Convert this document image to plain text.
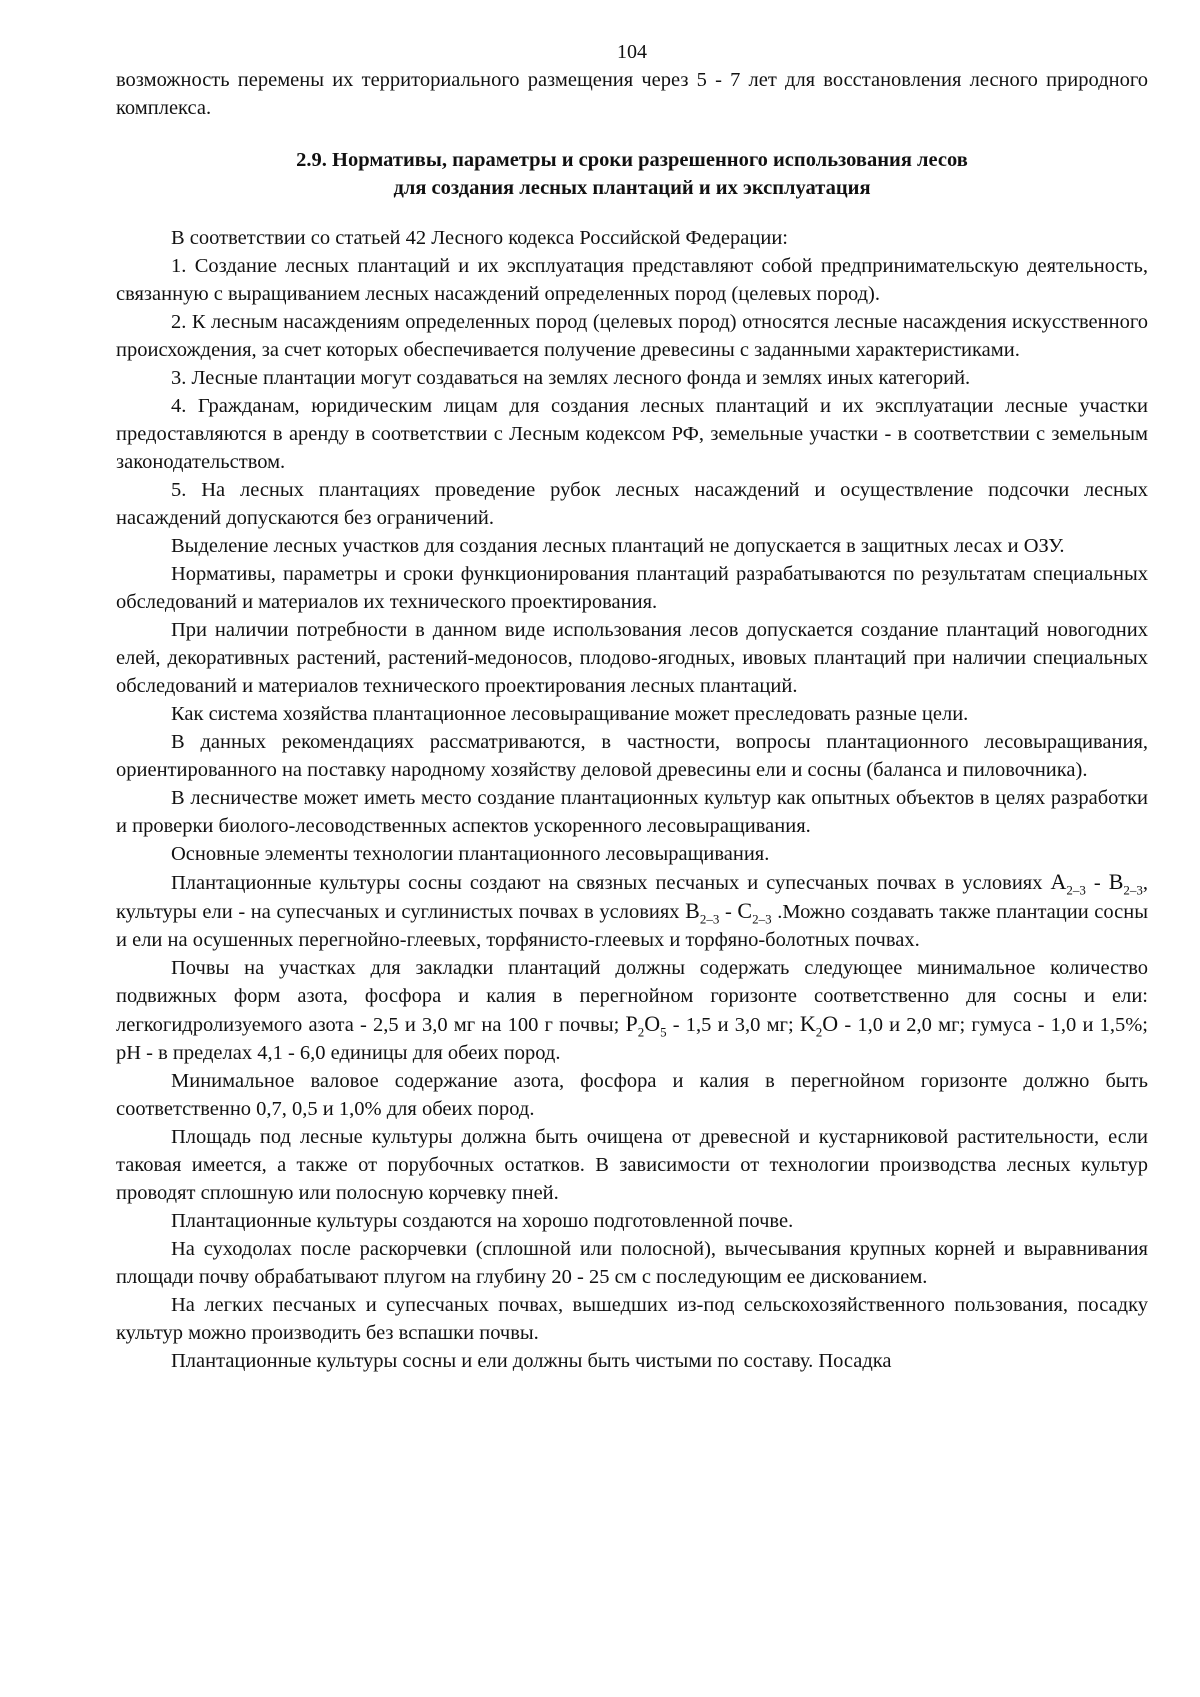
104

возможность перемены их территориального размещения через 5 - 7 лет для восстановления лесного природного комплекса.

2.9. Нормативы, параметры и сроки разрешенного использования лесов
для создания лесных плантаций и их эксплуатация

В соответствии со статьей 42 Лесного кодекса Российской Федерации:

1. Создание лесных плантаций и их эксплуатация представляют собой предпринимательскую деятельность, связанную с выращиванием лесных насаждений определенных пород (целевых пород).

2. К лесным насаждениям определенных пород (целевых пород) относятся лесные насаждения искусственного происхождения, за счет которых обеспечивается получение древесины с заданными характеристиками.

3. Лесные плантации могут создаваться на землях лесного фонда и землях иных категорий.

4. Гражданам, юридическим лицам для создания лесных плантаций и их эксплуатации лесные участки предоставляются в аренду в соответствии с Лесным кодексом РФ, земельные участки - в соответствии с земельным законодательством.

5. На лесных плантациях проведение рубок лесных насаждений и осуществление подсочки лесных насаждений допускаются без ограничений.

Выделение лесных участков для создания лесных плантаций не допускается в защитных лесах и ОЗУ.

Нормативы, параметры и сроки функционирования плантаций разрабатываются по результатам специальных обследований и материалов их технического проектирования.

При наличии потребности в данном виде использования лесов допускается создание плантаций новогодних елей, декоративных растений, растений-медоносов, плодово-ягодных, ивовых плантаций при наличии специальных обследований и материалов технического проектирования лесных плантаций.

Как система хозяйства плантационное лесовыращивание может преследовать разные цели.

В данных рекомендациях рассматриваются, в частности, вопросы плантационного лесовыращивания, ориентированного на поставку народному хозяйству деловой древесины ели и сосны (баланса и пиловочника).

В лесничестве может иметь место создание плантационных культур как опытных объектов в целях разработки и проверки биолого-лесоводственных аспектов ускоренного лесовыращивания.

Основные элементы технологии плантационного лесовыращивания.

Плантационные культуры сосны создают на связных песчаных и супесчаных почвах в условиях $A_{2-3} - B_{2-3}$, культуры ели - на супесчаных и суглинистых почвах в условиях $B_{2-3} - C_{2-3}$ .Можно создавать также плантации сосны и ели на осушенных перегнойно-глеевых, торфянисто-глеевых и торфяно-болотных почвах.

Почвы на участках для закладки плантаций должны содержать следующее минимальное количество подвижных форм азота, фосфора и калия в перегнойном горизонте соответственно для сосны и ели: легкогидролизуемого азота - 2,5 и 3,0 мг на 100 г почвы; $P_2O_5 - 1,5$ и 3,0 мг; $K_2O - 1,0$ и 2,0 мг; гумуса - 1,0 и 1,5%; рН - в пределах 4,1 - 6,0 единицы для обеих пород.

Минимальное валовое содержание азота, фосфора и калия в перегнойном горизонте должно быть соответственно 0,7, 0,5 и 1,0% для обеих пород.

Площадь под лесные культуры должна быть очищена от древесной и кустарниковой растительности, если таковая имеется, а также от порубочных остатков. В зависимости от технологии производства лесных культур проводят сплошную или полосную корчевку пней.

Плантационные культуры создаются на хорошо подготовленной почве.

На суходолах после раскорчевки (сплошной или полосной), вычесывания крупных корней и выравнивания площади почву обрабатывают плугом на глубину 20 - 25 см с последующим ее дискованием.

На легких песчаных и супесчаных почвах, вышедших из-под сельскохозяйственного пользования, посадку культур можно производить без вспашки почвы.

Плантационные культуры сосны и ели должны быть чистыми по составу. Посадка
